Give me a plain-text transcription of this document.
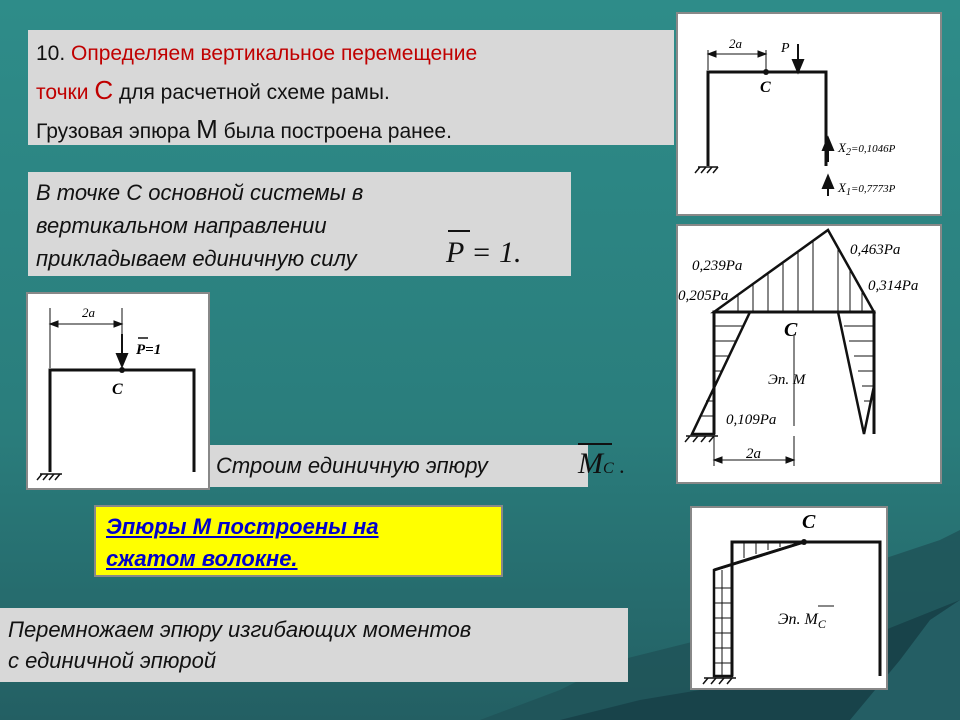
10. Определяем вертикальное перемещение
точки С для расчетной схеме рамы.
Грузовая эпюра М была построена ранее.
В точке С основной системы в
вертикальном направлении
прикладываем единичную силу	P = 1.
Строим единичную эпюру	MC .
Эпюры М построены на
сжатом волокне.
Перемножаем эпюру изгибающих моментов
с единичной эпюрой
2a	P
C
$X_2^{=0,1046P}$
$X_1^{=0,7773P}$
2a
P=1
C
0,239Pa
0,463Pa
0,205Pa
0,314Pa
0,109Pa
C
Эп. M
2a
C
Эп. $M_C$
